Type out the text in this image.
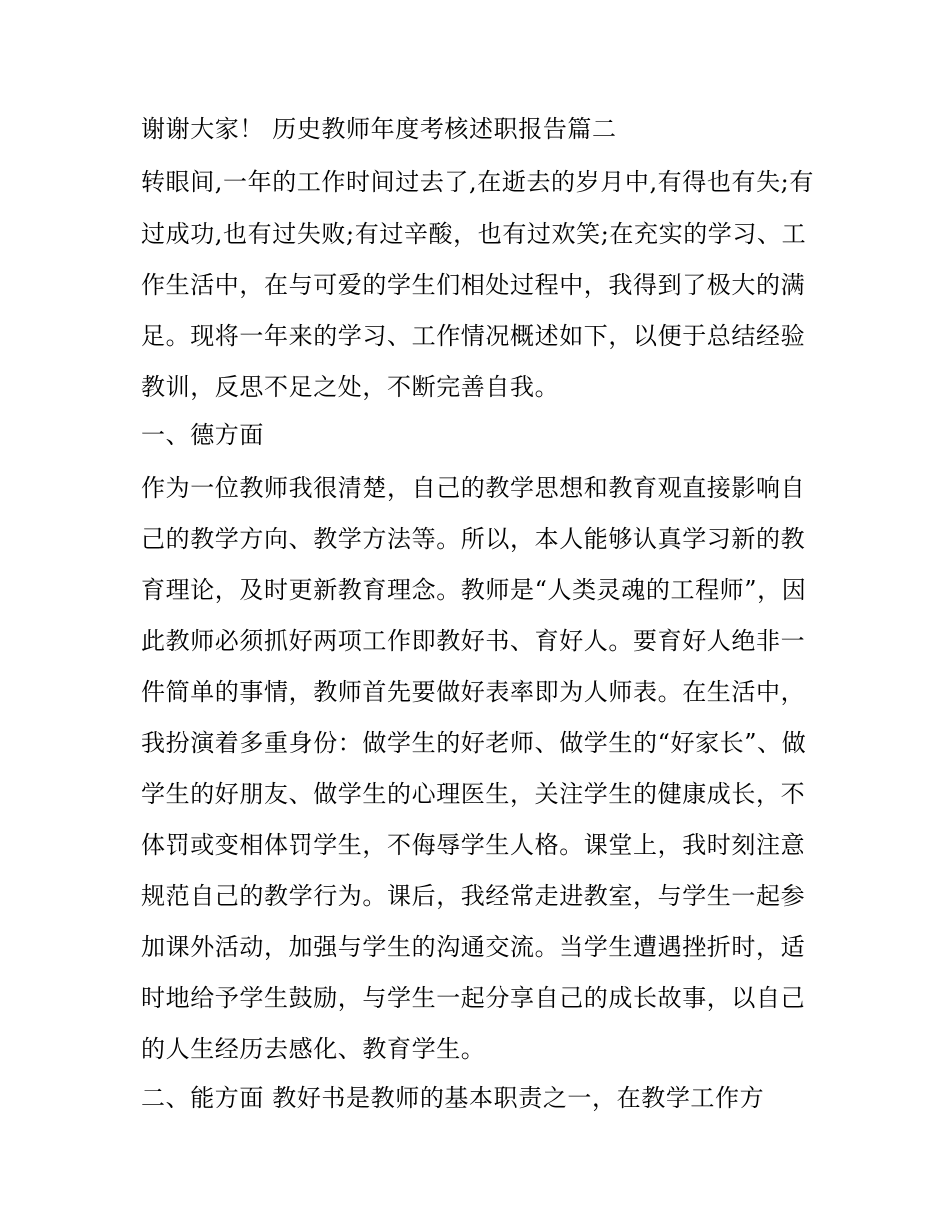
谢谢大家！ 历史教师年度考核述职报告篇二
转眼间,一年的工作时间过去了,在逝去的岁月中,有得也有失;有
过成功,也有过失败;有过辛酸，也有过欢笑;在充实的学习、工
作生活中，在与可爱的学生们相处过程中，我得到了极大的满
足。现将一年来的学习、工作情况概述如下，以便于总结经验
教训，反思不足之处，不断完善自我。
一、德方面
作为一位教师我很清楚，自己的教学思想和教育观直接影响自
己的教学方向、教学方法等。所以，本人能够认真学习新的教
育理论，及时更新教育理念。教师是“人类灵魂的工程师”，因
此教师必须抓好两项工作即教好书、育好人。要育好人绝非一
件简单的事情，教师首先要做好表率即为人师表。在生活中，
我扮演着多重身份：做学生的好老师、做学生的“好家长”、做
学生的好朋友、做学生的心理医生，关注学生的健康成长，不
体罚或变相体罚学生，不侮辱学生人格。课堂上，我时刻注意
规范自己的教学行为。课后，我经常走进教室，与学生一起参
加课外活动，加强与学生的沟通交流。当学生遭遇挫折时，适
时地给予学生鼓励，与学生一起分享自己的成长故事，以自己
的人生经历去感化、教育学生。
二、能方面 教好书是教师的基本职责之一，在教学工作方
